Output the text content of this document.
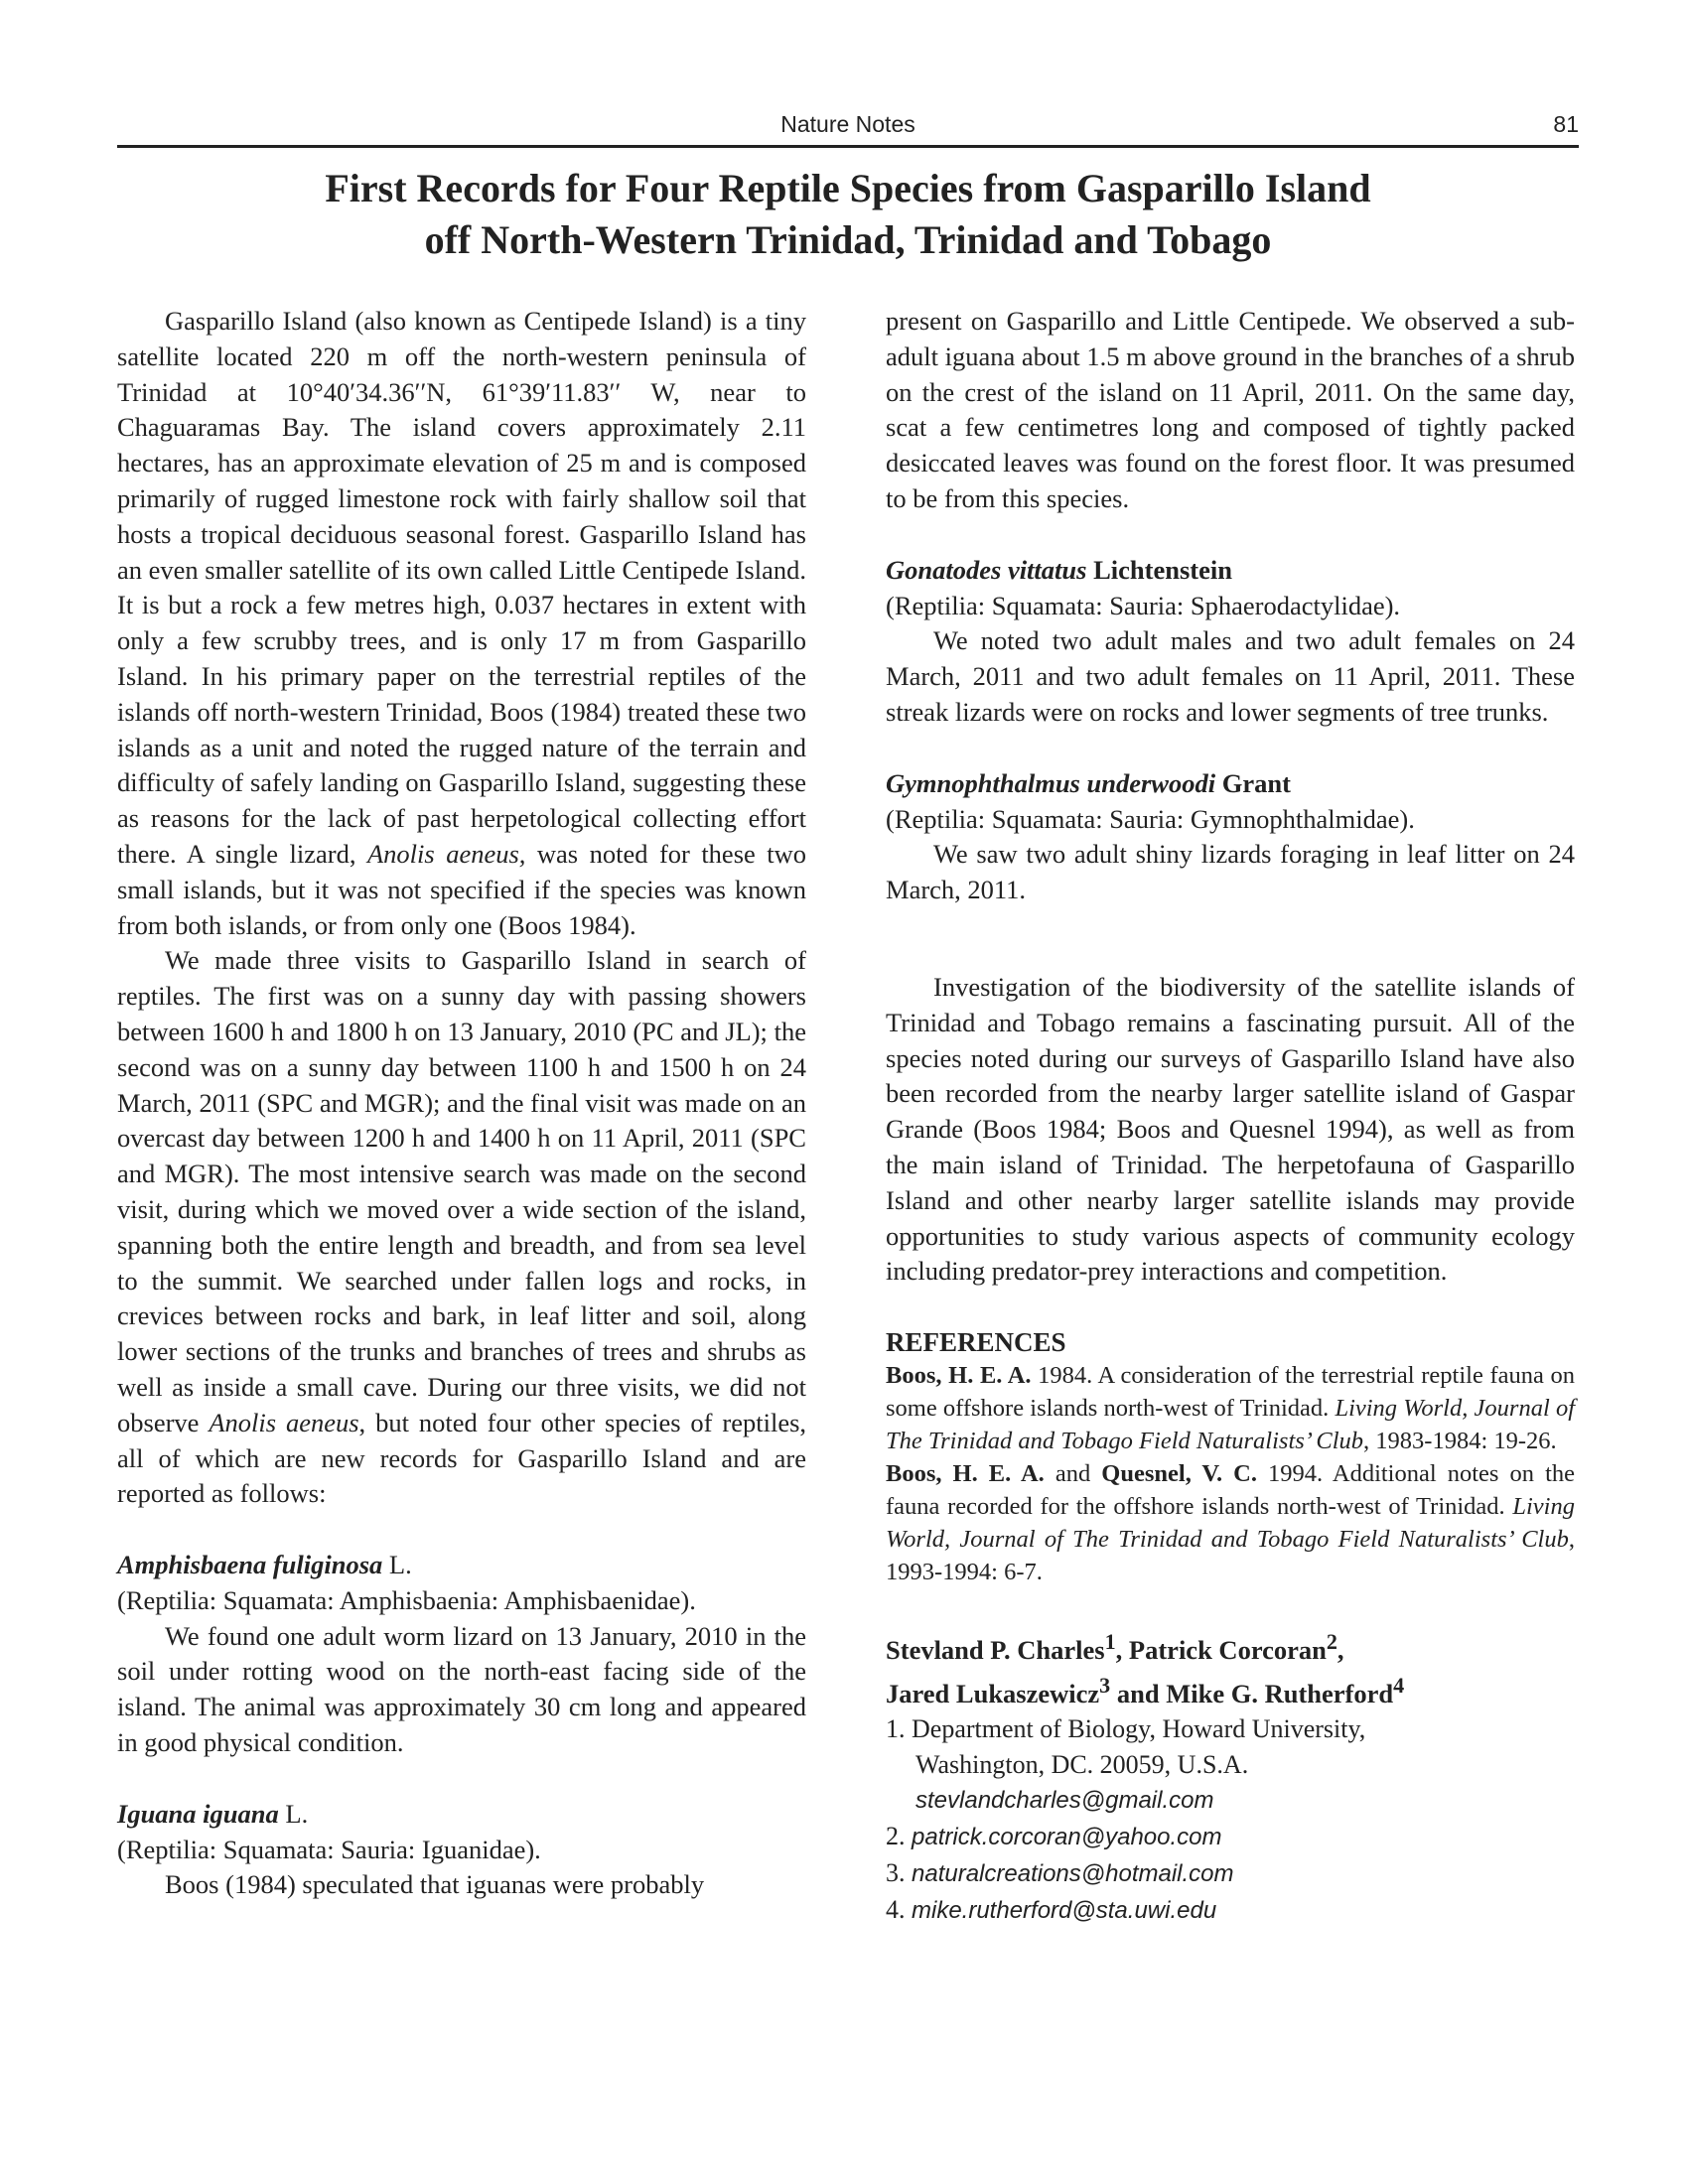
Nature Notes	81
First Records for Four Reptile Species from Gasparillo Island
off North-Western Trinidad, Trinidad and Tobago

Gasparillo Island (also known as Centipede Island) is a tiny satellite located 220 m off the north-western peninsula of Trinidad at 10°40′34.36′′N, 61°39′11.83′′ W, near to Chaguaramas Bay. The island covers approximately 2.11 hectares, has an approximate elevation of 25 m and is composed primarily of rugged limestone rock with fairly shallow soil that hosts a tropical deciduous seasonal forest. Gasparillo Island has an even smaller satellite of its own called Little Centipede Island. It is but a rock a few metres high, 0.037 hectares in extent with only a few scrubby trees, and is only 17 m from Gasparillo Island. In his primary paper on the terrestrial reptiles of the islands off north-western Trinidad, Boos (1984) treated these two islands as a unit and noted the rugged nature of the terrain and difficulty of safely landing on Gasparillo Island, suggesting these as reasons for the lack of past herpetological collecting effort there. A single lizard, Anolis aeneus, was noted for these two small islands, but it was not specified if the species was known from both islands, or from only one (Boos 1984).

We made three visits to Gasparillo Island in search of reptiles. The first was on a sunny day with passing showers between 1600 h and 1800 h on 13 January, 2010 (PC and JL); the second was on a sunny day between 1100 h and 1500 h on 24 March, 2011 (SPC and MGR); and the final visit was made on an overcast day between 1200 h and 1400 h on 11 April, 2011 (SPC and MGR). The most intensive search was made on the second visit, during which we moved over a wide section of the island, spanning both the entire length and breadth, and from sea level to the summit. We searched under fallen logs and rocks, in crevices between rocks and bark, in leaf litter and soil, along lower sections of the trunks and branches of trees and shrubs as well as inside a small cave. During our three visits, we did not observe Anolis aeneus, but noted four other species of reptiles, all of which are new records for Gasparillo Island and are reported as follows:

Amphisbaena fuliginosa L.

(Reptilia: Squamata: Amphisbaenia: Amphisbaenidae).

We found one adult worm lizard on 13 January, 2010 in the soil under rotting wood on the north-east facing side of the island. The animal was approximately 30 cm long and appeared in good physical condition.

Iguana iguana L.

(Reptilia: Squamata: Sauria: Iguanidae).

Boos (1984) speculated that iguanas were probably

present on Gasparillo and Little Centipede. We observed a sub-adult iguana about 1.5 m above ground in the branches of a shrub on the crest of the island on 11 April, 2011. On the same day, scat a few centimetres long and composed of tightly packed desiccated leaves was found on the forest floor. It was presumed to be from this species.

Gonatodes vittatus Lichtenstein

(Reptilia: Squamata: Sauria: Sphaerodactylidae).

We noted two adult males and two adult females on 24 March, 2011 and two adult females on 11 April, 2011. These streak lizards were on rocks and lower segments of tree trunks.

Gymnophthalmus underwoodi Grant

(Reptilia: Squamata: Sauria: Gymnophthalmidae).

We saw two adult shiny lizards foraging in leaf litter on 24 March, 2011.

Investigation of the biodiversity of the satellite islands of Trinidad and Tobago remains a fascinating pursuit. All of the species noted during our surveys of Gasparillo Island have also been recorded from the nearby larger satellite island of Gaspar Grande (Boos 1984; Boos and Quesnel 1994), as well as from the main island of Trinidad. The herpetofauna of Gasparillo Island and other nearby larger satellite islands may provide opportunities to study various aspects of community ecology including predator-prey interactions and competition.

REFERENCES

Boos, H. E. A. 1984. A consideration of the terrestrial reptile fauna on some offshore islands north-west of Trinidad. Living World, Journal of The Trinidad and Tobago Field Naturalists’ Club, 1983-1984: 19-26.

Boos, H. E. A. and Quesnel, V. C. 1994. Additional notes on the fauna recorded for the offshore islands north-west of Trinidad. Living World, Journal of The Trinidad and Tobago Field Naturalists’ Club, 1993-1994: 6-7.

Stevland P. Charles$^1$, Patrick Corcoran$^2$,
Jared Lukaszewicz$^3$ and Mike G. Rutherford$^4$

1. Department of Biology, Howard University,
Washington, DC. 20059, U.S.A.
stevlandcharles@gmail.com
2. patrick.corcoran@yahoo.com
3. naturalcreations@hotmail.com
4. mike.rutherford@sta.uwi.edu
